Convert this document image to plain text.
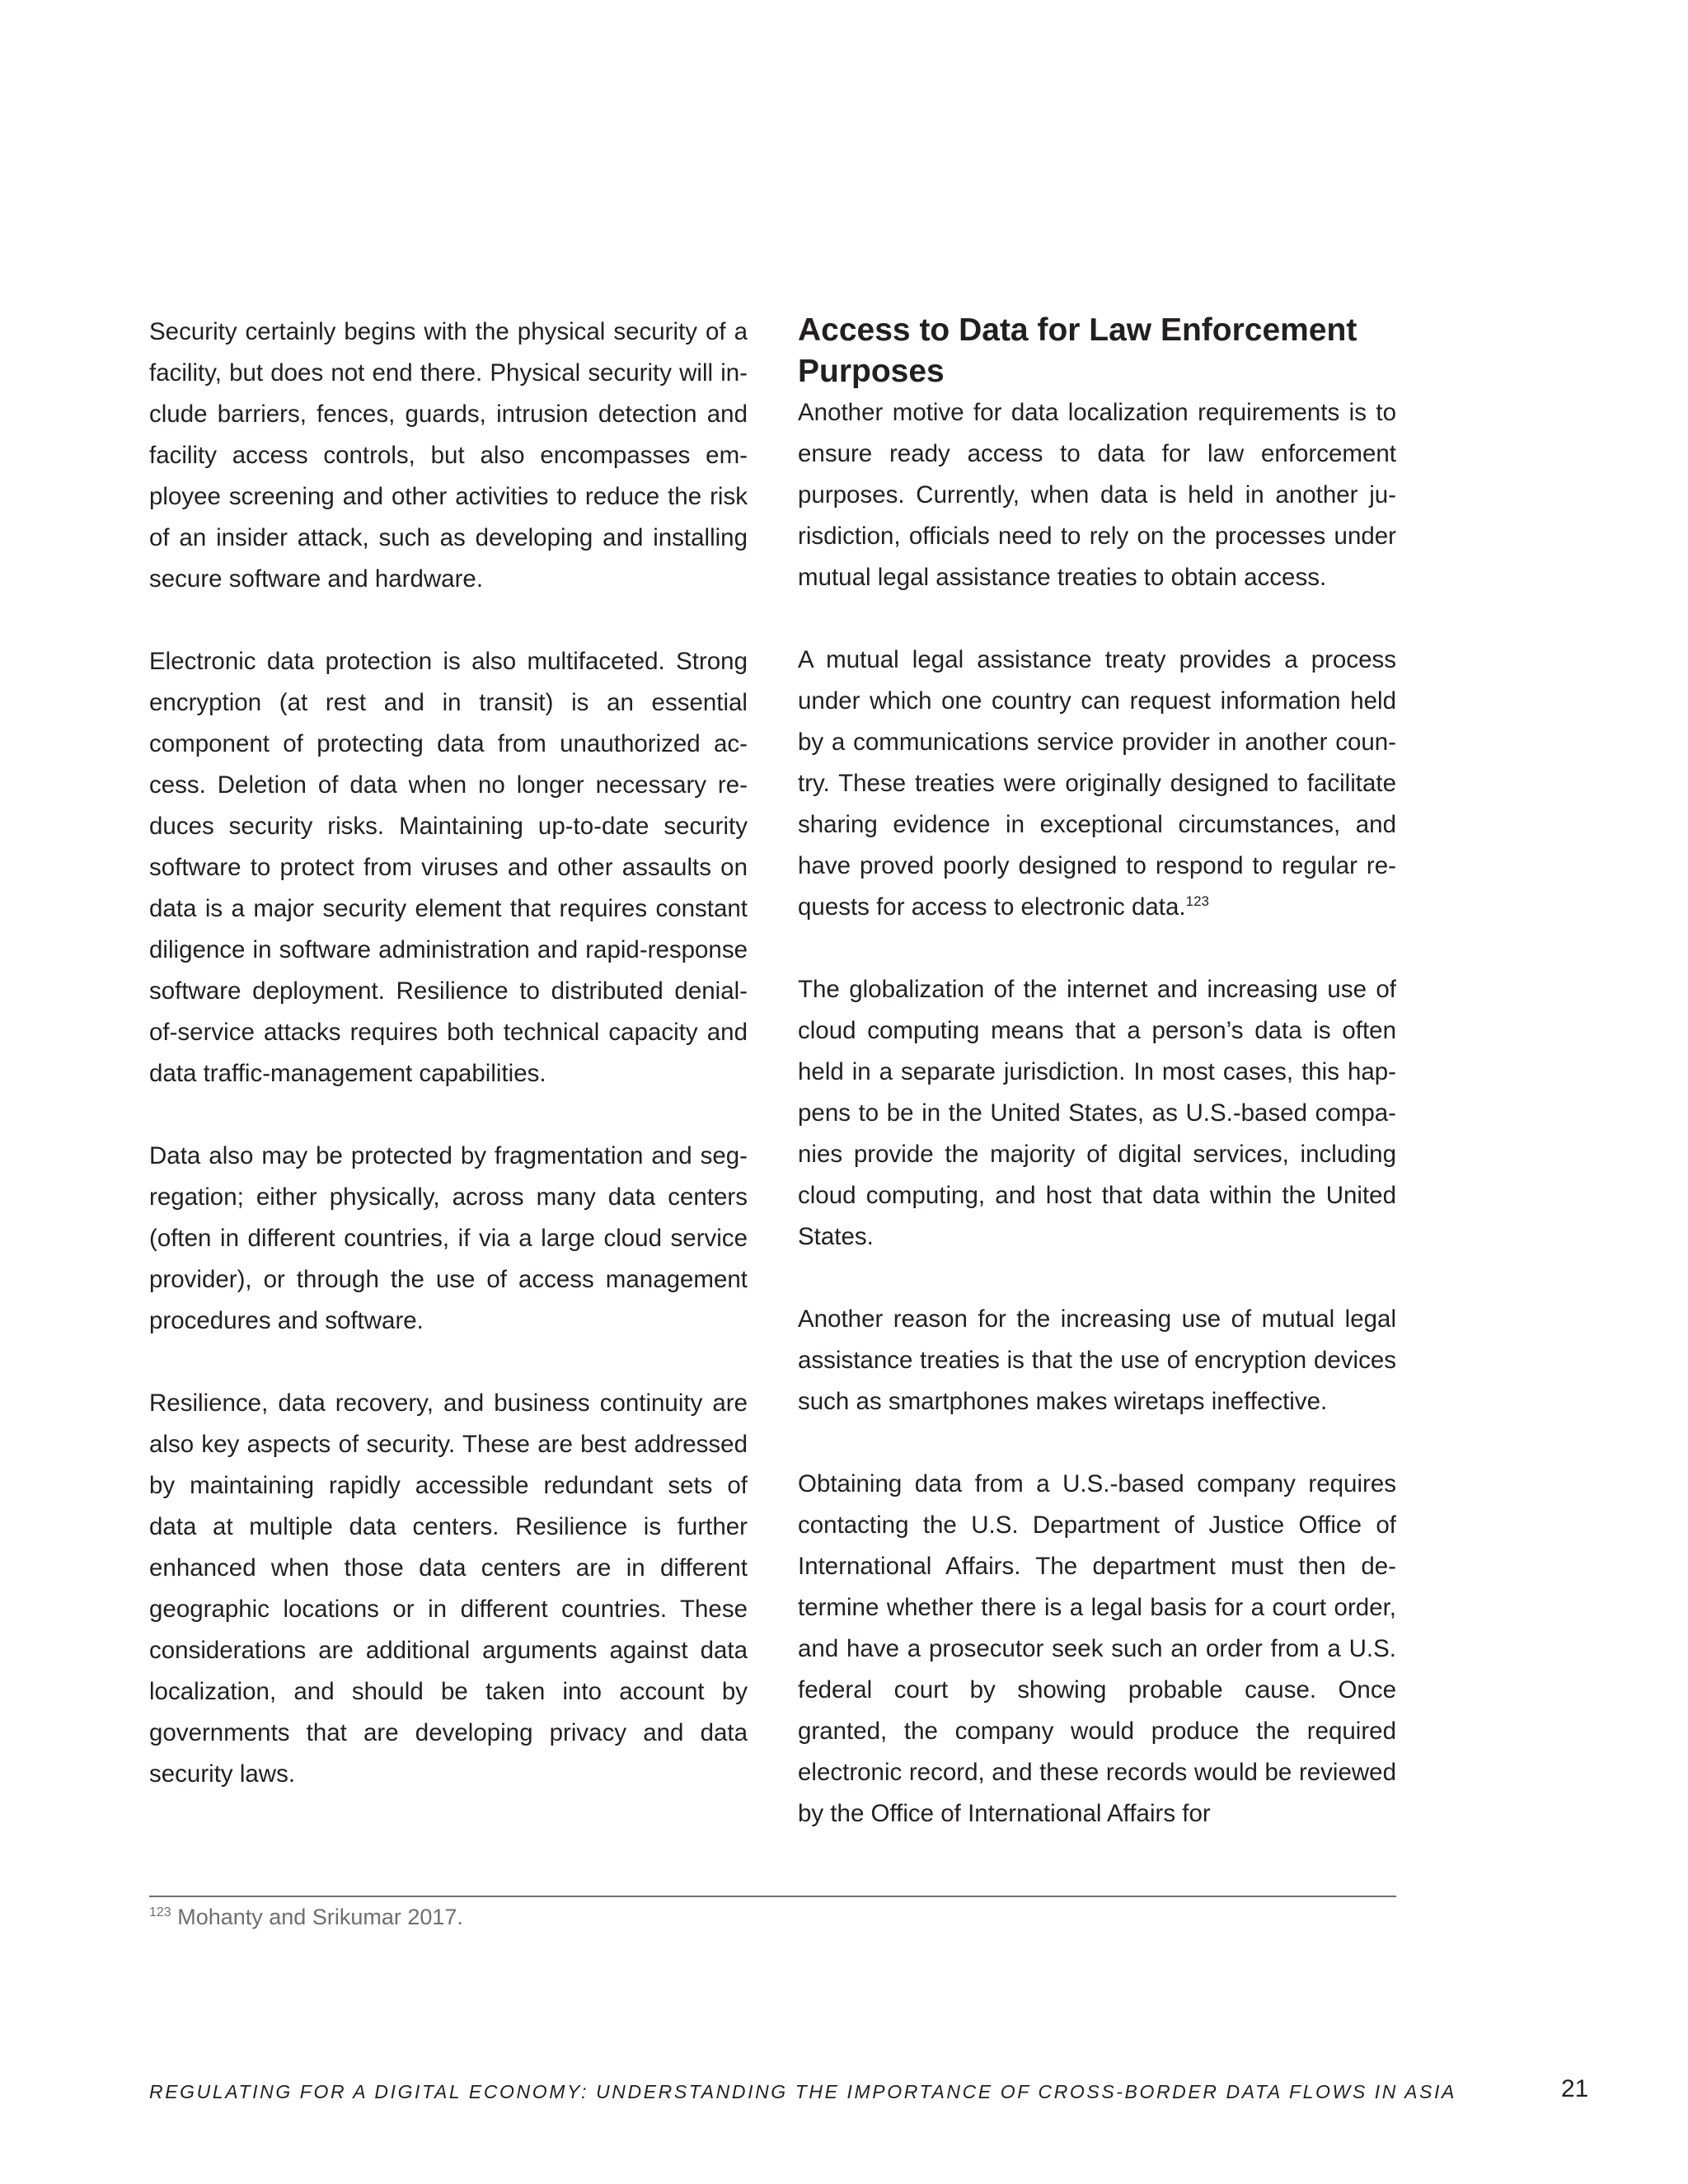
Security certainly begins with the physical security of a facility, but does not end there. Physical security will include barriers, fences, guards, intrusion detection and facility access controls, but also encompasses employee screening and other activities to reduce the risk of an insider attack, such as developing and installing secure software and hardware.

Electronic data protection is also multifaceted. Strong encryption (at rest and in transit) is an essential component of protecting data from unauthorized access. Deletion of data when no longer necessary reduces security risks. Maintaining up-to-date security software to protect from viruses and other assaults on data is a major security element that requires constant diligence in software administration and rapid-response software deployment. Resilience to distributed denial-of-service attacks requires both technical capacity and data traffic-management capabilities.

Data also may be protected by fragmentation and segregation; either physically, across many data centers (often in different countries, if via a large cloud service provider), or through the use of access management procedures and software.

Resilience, data recovery, and business continuity are also key aspects of security. These are best addressed by maintaining rapidly accessible redundant sets of data at multiple data centers. Resilience is further enhanced when those data centers are in different geographic locations or in different countries. These considerations are additional arguments against data localization, and should be taken into account by governments that are developing privacy and data security laws.

Access to Data for Law Enforcement Purposes

Another motive for data localization requirements is to ensure ready access to data for law enforcement purposes. Currently, when data is held in another jurisdiction, officials need to rely on the processes under mutual legal assistance treaties to obtain access.

A mutual legal assistance treaty provides a process under which one country can request information held by a communications service provider in another country. These treaties were originally designed to facilitate sharing evidence in exceptional circumstances, and have proved poorly designed to respond to regular requests for access to electronic data.$^{123}$

The globalization of the internet and increasing use of cloud computing means that a person’s data is often held in a separate jurisdiction. In most cases, this happens to be in the United States, as U.S.-based companies provide the majority of digital services, including cloud computing, and host that data within the United States.

Another reason for the increasing use of mutual legal assistance treaties is that the use of encryption devices such as smartphones makes wiretaps ineffective.

Obtaining data from a U.S.-based company requires contacting the U.S. Department of Justice Office of International Affairs. The department must then determine whether there is a legal basis for a court order, and have a prosecutor seek such an order from a U.S. federal court by showing probable cause. Once granted, the company would produce the required electronic record, and these records would be reviewed by the Office of International Affairs for

$^{123}$ Mohanty and Srikumar 2017.
REGULATING FOR A DIGITAL ECONOMY: UNDERSTANDING THE IMPORTANCE OF CROSS-BORDER DATA FLOWS IN ASIA	21
